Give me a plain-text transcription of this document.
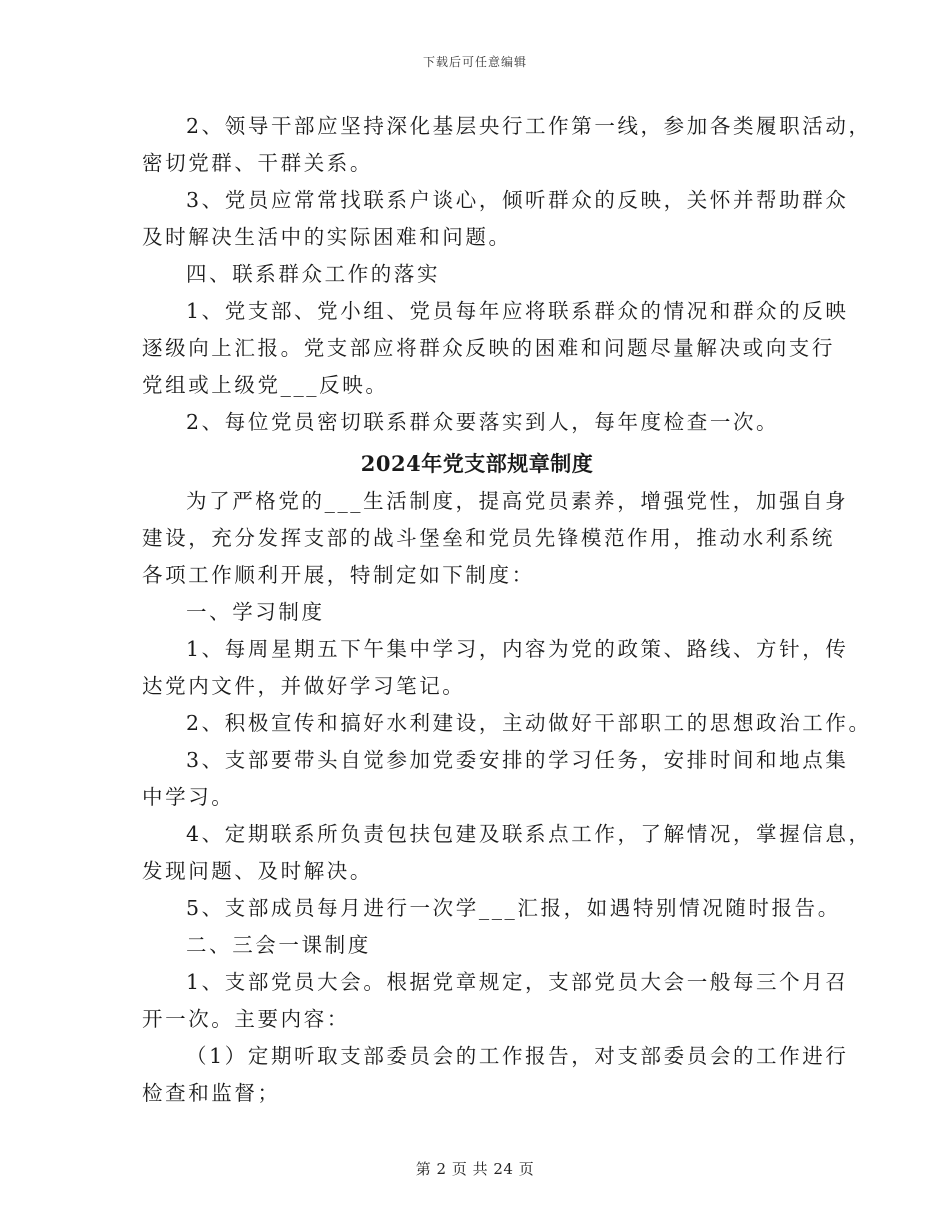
下载后可任意编辑
2、领导干部应坚持深化基层央行工作第一线，参加各类履职活动，
密切党群、干群关系。
3、党员应常常找联系户谈心，倾听群众的反映，关怀并帮助群众
及时解决生活中的实际困难和问题。
四、联系群众工作的落实
1、党支部、党小组、党员每年应将联系群众的情况和群众的反映
逐级向上汇报。党支部应将群众反映的困难和问题尽量解决或向支行
党组或上级党___反映。
2、每位党员密切联系群众要落实到人，每年度检查一次。
2024年党支部规章制度
为了严格党的___生活制度，提高党员素养，增强党性，加强自身
建设，充分发挥支部的战斗堡垒和党员先锋模范作用，推动水利系统
各项工作顺利开展，特制定如下制度：
一、学习制度
1、每周星期五下午集中学习，内容为党的政策、路线、方针，传
达党内文件，并做好学习笔记。
2、积极宣传和搞好水利建设，主动做好干部职工的思想政治工作。
3、支部要带头自觉参加党委安排的学习任务，安排时间和地点集
中学习。
4、定期联系所负责包扶包建及联系点工作，了解情况，掌握信息，
发现问题、及时解决。
5、支部成员每月进行一次学___汇报，如遇特别情况随时报告。
二、三会一课制度
1、支部党员大会。根据党章规定，支部党员大会一般每三个月召
开一次。主要内容：
（1）定期听取支部委员会的工作报告，对支部委员会的工作进行
检查和监督；
第 2 页 共 24 页
